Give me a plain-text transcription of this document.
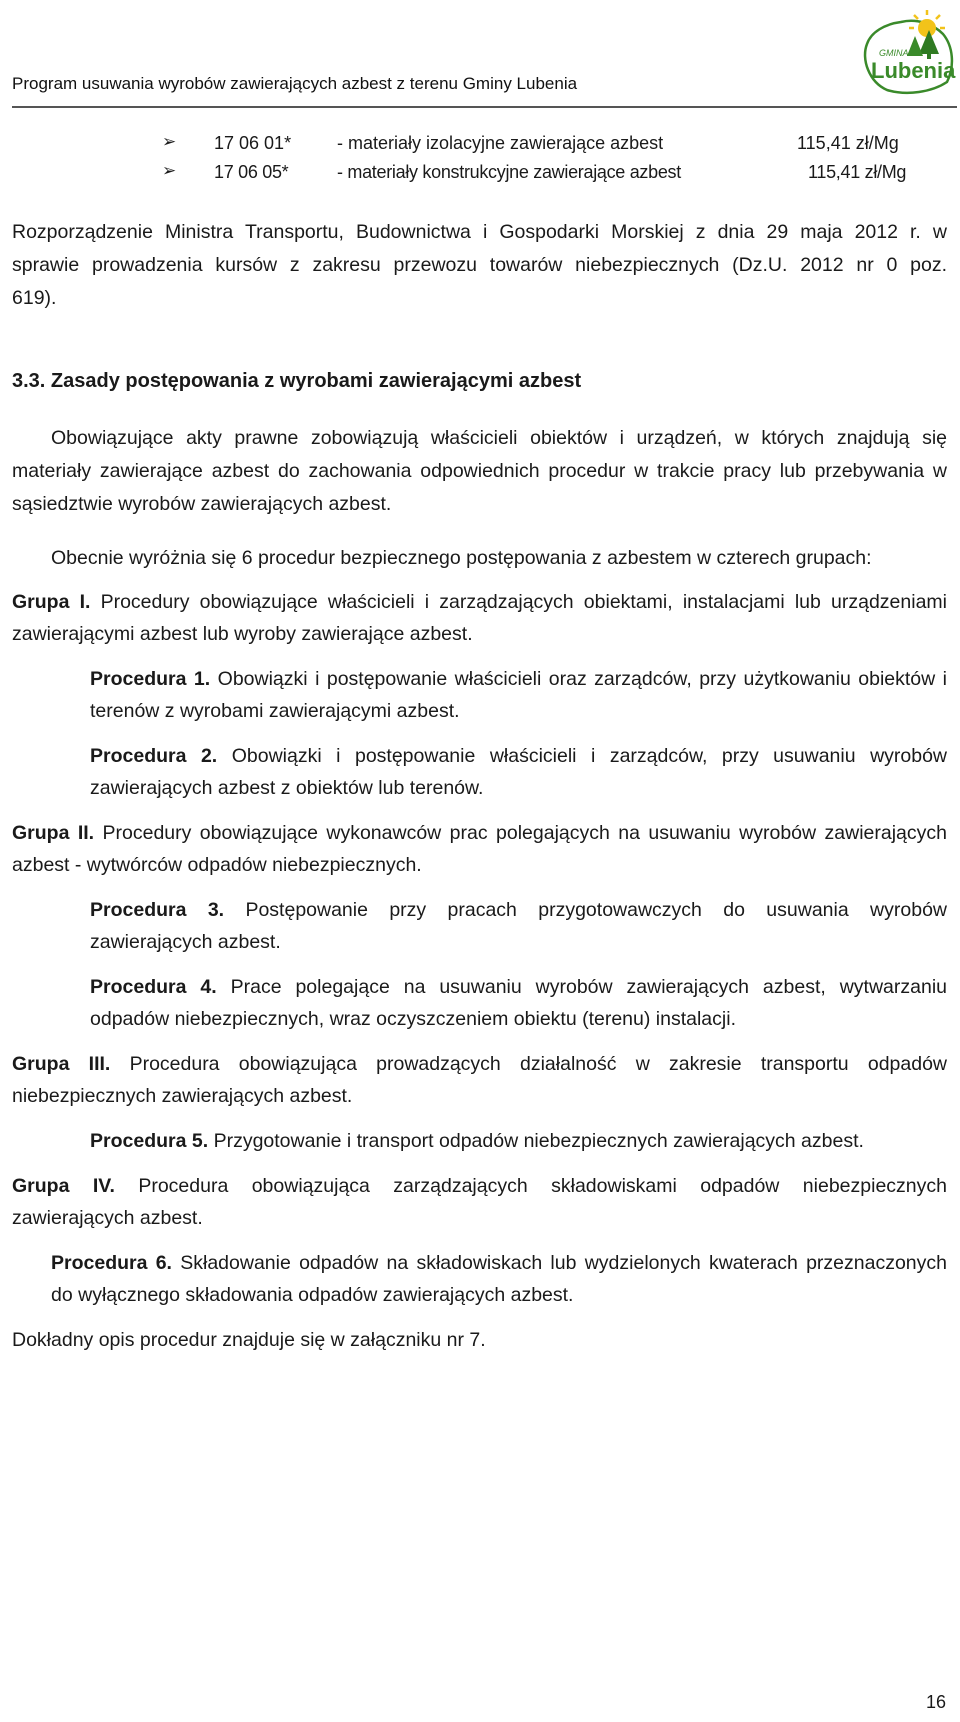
Program usuwania wyrobów zawierających azbest z terenu Gminy Lubenia
GMINA
Lubenia
➢ 17 06 01*	- materiały izolacyjne zawierające azbest	115,41 zł/Mg
➢ 17 06 05*	- materiały konstrukcyjne zawierające azbest	115,41 zł/Mg

Rozporządzenie Ministra Transportu, Budownictwa i Gospodarki Morskiej z dnia 29 maja 2012 r. w sprawie prowadzenia kursów z zakresu przewozu towarów niebezpiecznych (Dz.U. 2012 nr 0 poz. 619).

3.3. Zasady postępowania z wyrobami zawierającymi azbest

Obowiązujące akty prawne zobowiązują właścicieli obiektów i urządzeń, w których znajdują się materiały zawierające azbest do zachowania odpowiednich procedur w trakcie pracy lub przebywania w sąsiedztwie wyrobów zawierających azbest.

Obecnie wyróżnia się 6 procedur bezpiecznego postępowania z azbestem w czterech grupach:

Grupa I. Procedury obowiązujące właścicieli i zarządzających obiektami, instalacjami lub urządzeniami zawierającymi azbest lub wyroby zawierające azbest.

Procedura 1. Obowiązki i postępowanie właścicieli oraz zarządców, przy użytkowaniu obiektów i terenów z wyrobami zawierającymi azbest.

Procedura 2. Obowiązki i postępowanie właścicieli i zarządców, przy usuwaniu wyrobów zawierających azbest z obiektów lub terenów.

Grupa II. Procedury obowiązujące wykonawców prac polegających na usuwaniu wyrobów zawierających azbest - wytwórców odpadów niebezpiecznych.

Procedura 3. Postępowanie przy pracach przygotowawczych do usuwania wyrobów zawierających azbest.

Procedura 4. Prace polegające na usuwaniu wyrobów zawierających azbest, wytwarzaniu odpadów niebezpiecznych, wraz oczyszczeniem obiektu (terenu) instalacji.

Grupa III. Procedura obowiązująca prowadzących działalność w zakresie transportu odpadów niebezpiecznych zawierających azbest.

Procedura 5. Przygotowanie i transport odpadów niebezpiecznych zawierających azbest.

Grupa IV. Procedura obowiązująca zarządzających składowiskami odpadów niebezpiecznych zawierających azbest.

Procedura 6. Składowanie odpadów na składowiskach lub wydzielonych kwaterach przeznaczonych do wyłącznego składowania odpadów zawierających azbest.

Dokładny opis procedur znajduje się w załączniku nr 7.

16
